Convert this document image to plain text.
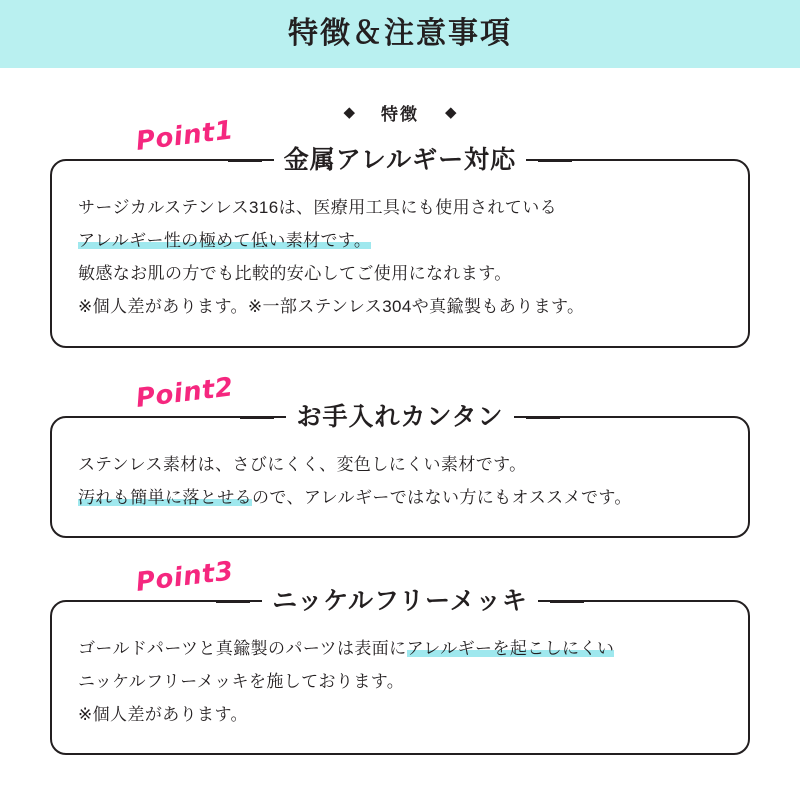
特徴＆注意事項
◆ 特徴 ◆
Point1
金属アレルギー対応

サージカルステンレス316は、医療用工具にも使用されている

アレルギー性の極めて低い素材です。

敏感なお肌の方でも比較的安心してご使用になれます。

※個人差があります。※一部ステンレス304や真鍮製もあります。

Point2
お手入れカンタン

ステンレス素材は、さびにくく、変色しにくい素材です。

汚れも簡単に落とせるので、アレルギーではない方にもオススメです。

Point3
ニッケルフリーメッキ

ゴールドパーツと真鍮製のパーツは表面にアレルギーを起こしにくい

ニッケルフリーメッキを施しております。

※個人差があります。
